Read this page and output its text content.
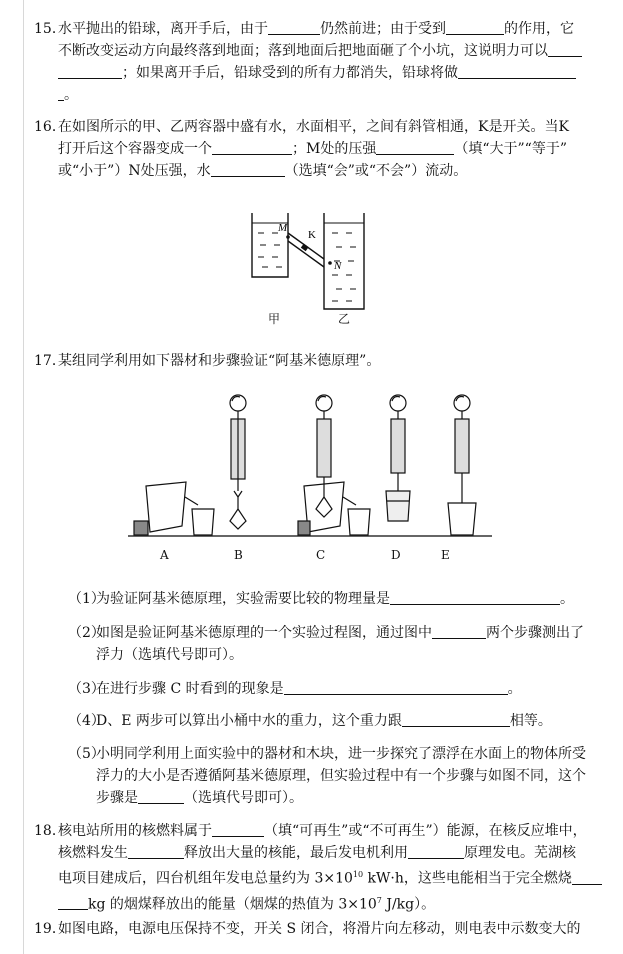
15．水平抛出的铅球，离开手后，由于	仍然前进；由于受到	的作用，它
不断改变运动方向最终落到地面；落到地面后把地面砸了个小坑，这说明力可以
；如果离开手后，铅球受到的所有力都消失，铅球将做
。
16．在如图所示的甲、乙两容器中盛有水，水面相平，之间有斜管相通，K是开关。当K
打开后这个容器变成一个	；M处的压强	（填“大于”“等于”
或“小于”）N处压强，水	（选填“会”或“不会”）流动。
M
K
N
甲	乙
17．某组同学利用如下器材和步骤验证“阿基米德原理”。
A	B	C	D	E
（1）为验证阿基米德原理，实验需要比较的物理量是	。
（2）如图是验证阿基米德原理的一个实验过程图，通过图中	两个步骤测出了
浮力（选填代号即可）。
（3）在进行步骤 C 时看到的现象是	。
（4）D、E 两步可以算出小桶中水的重力，这个重力跟	相等。
（5）小明同学利用上面实验中的器材和木块，进一步探究了漂浮在水面上的物体所受
浮力的大小是否遵循阿基米德原理，但实验过程中有一个步骤与如图不同，这个
步骤是	（选填代号即可）。
18．核电站所用的核燃料属于	（填“可再生”或“不可再生”）能源，在核反应堆中，
核燃料发生	释放出大量的核能，最后发电机利用	原理发电。芜湖核
电项目建成后，四台机组年发电总量约为 $3\times 10^{10}$ kW·h，这些电能相当于完全燃烧
kg 的烟煤释放出的能量（烟煤的热值为 $3\times 10^7$ J/kg）。
19．如图电路，电源电压保持不变，开关 S 闭合，将滑片向左移动，则电表中示数变大的
